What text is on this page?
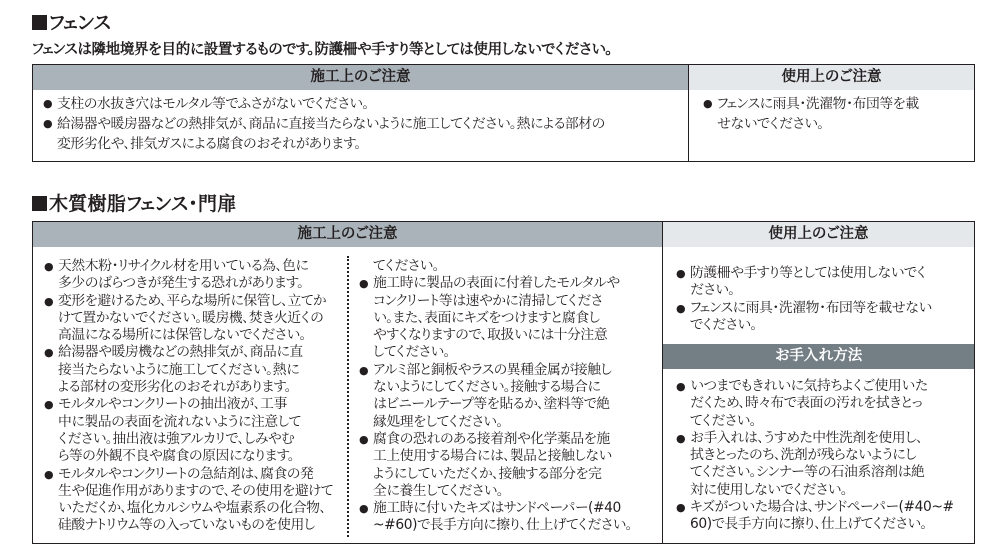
フェンス
フェンスは隣地境界を目的に設置するものです。防護柵や手すり等としては使用しないでください。
施工上のご注意
● 支柱の水抜き穴はモルタル等でふさがないでください。
● 給湯器や暖房器などの熱排気が、商品に直接当たらないように施工してください。熱による部材の
変形劣化や、排気ガスによる腐食のおそれがあります。
使用上のご注意
● フェンスに雨具･洗濯物･布団等を載
せないでください。
木質樹脂フェンス･門扉
施工上のご注意
● 天然木粉･リサイクル材を用いている為、色に
多少のばらつきが発生する恐れがあります。
● 変形を避けるため、平らな場所に保管し、立てか
けて置かないでください。暖房機、焚き火近くの
高温になる場所には保管しないでください。
● 給湯器や暖房機などの熱排気が、商品に直
接当たらないように施工してください。熱に
よる部材の変形劣化のおそれがあります。
● モルタルやコンクリートの抽出液が、工事
中に製品の表面を流れないように注意して
ください。抽出液は強アルカリで、しみやむ
ら等の外観不良や腐食の原因になります。
● モルタルやコンクリートの急結剤は、腐食の発
生や促進作用がありますので、その使用を避けて
いただくか、塩化カルシウムや塩素系の化合物、
硅酸ナトリウム等の入っていないものを使用し
てください。
● 施工時に製品の表面に付着したモルタルや
コンクリート等は速やかに清掃してくださ
い。また、表面にキズをつけますと腐食し
やすくなりますので、取扱いには十分注意
してください。
● アルミ部と銅板やラスの異種金属が接触し
ないようにしてください。接触する場合に
はビニールテープ等を貼るか、塗料等で絶
縁処理をしてください。
● 腐食の恐れのある接着剤や化学薬品を施
工上使用する場合には、製品と接触しない
ようにしていただくか、接触する部分を完
全に養生してください。
● 施工時に付いたキズはサンドペーパー(#40
~#60)で長手方向に擦り、仕上げてください。
使用上のご注意
● 防護柵や手すり等としては使用しないでく
ださい。
● フェンスに雨具･洗濯物･布団等を載せない
でください。
お手入れ方法
● いつまでもきれいに気持ちよくご使用いた
だくため、時々布で表面の汚れを拭きとっ
てください。
● お手入れは、うすめた中性洗剤を使用し、
拭きとったのち、洗剤が残らないようにし
てください。シンナー等の石油系溶剤は絶
対に使用しないでください。
● キズがついた場合は、サンドペーパー(#40~#
60)で長手方向に擦り、仕上げてください。
